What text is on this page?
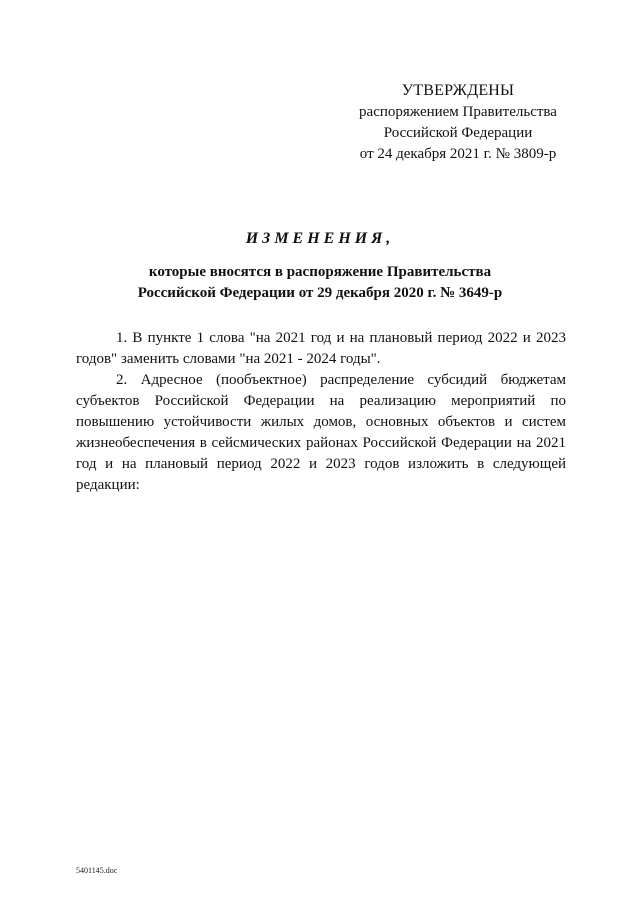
УТВЕРЖДЕНЫ
распоряжением Правительства
Российской Федерации
от 24 декабря 2021 г. № 3809-р
ИЗМЕНЕНИЯ,
которые вносятся в распоряжение Правительства
Российской Федерации от 29 декабря 2020 г. № 3649-р

1. В пункте 1 слова "на 2021 год и на плановый период 2022 и 2023 годов" заменить словами "на 2021 - 2024 годы".

2. Адресное (пообъектное) распределение субсидий бюджетам субъектов Российской Федерации на реализацию мероприятий по повышению устойчивости жилых домов, основных объектов и систем жизнеобеспечения в сейсмических районах Российской Федерации на 2021 год и на плановый период 2022 и 2023 годов изложить в следующей редакции:

5401145.doc
